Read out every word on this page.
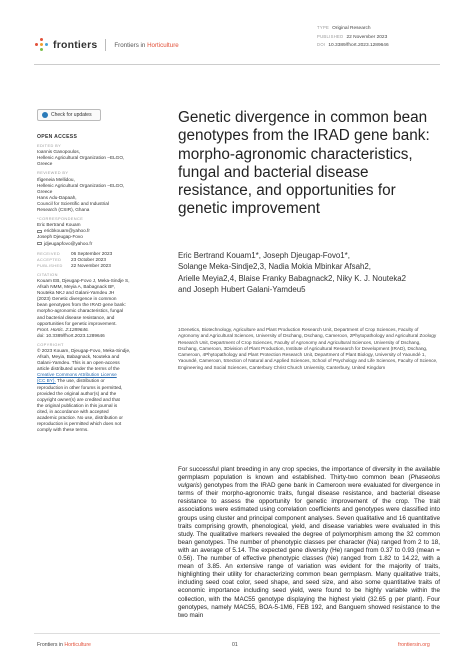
frontiers	Frontiers in Horticulture
TYPE Original Research
PUBLISHED 22 November 2023
DOI 10.3389/fhort.2023.1289646
Check for updates
OPEN ACCESS
EDITED BY
Ioannis Ganopoulos,
Hellenic Agricultural Organization –ELGO,
Greece
REVIEWED BY
Ifigeneia Mellidou,
Hellenic Agricultural Organization –ELGO,
Greece
Hans Adu-Dapaah,
Council for Scientific and Industrial
Research (CSIR), Ghana
*CORRESPONDENCE
Eric Bertrand Kouam
ericbkouam@yahoo.fr
Joseph Djeugap-Fovo
jdjeugapfovo@yahoo.fr
RECEIVED	06 September 2023
ACCEPTED	23 October 2023
PUBLISHED	22 November 2023
CITATION
Kouam EB, Djeugap-Fovo J, Meka-Sindje S,
Afsah NMM, Meyia A, Babagnack BF,
Nouteka NKJ and Galani-Yamdeu JH
(2023) Genetic divergence in common
bean genotypes from the IRAD gene bank:
morpho-agronomic characteristics, fungal
and bacterial disease resistance, and
opportunities for genetic improvement.
Front. Hortic. 2:1289646.
doi: 10.3389/fhort.2023.1289646
COPYRIGHT
© 2023 Kouam, Djeugap-Fovo, Meka-Sindje,
Afsah, Meyia, Babagnack, Nouteka and
Galani-Yamdeu. This is an open-access
article distributed under the terms of the
Creative Commons Attribution License
(CC BY). The use, distribution or
reproduction in other forums is permitted,
provided the original author(s) and the
copyright owner(s) are credited and that
the original publication in this journal is
cited, in accordance with accepted
academic practice. No use, distribution or
reproduction is permitted which does not
comply with these terms.
Genetic divergence in common bean genotypes from the IRAD gene bank: morpho-agronomic characteristics, fungal and bacterial disease resistance, and opportunities for genetic improvement
Eric Bertrand Kouam1*, Joseph Djeugap-Fovo1*,
Solange Meka-Sindje2,3, Nadia Mokia Mbinkar Afsah2,
Arielle Meyia2,4, Blaise Franky Babagnack2, Niky K. J. Nouteka2
and Joseph Hubert Galani-Yamdeu5
1Genetics, Biotechnology, Agriculture and Plant Production Research Unit, Department of Crop Sciences, Faculty of Agronomy and Agricultural Sciences, University of Dschang, Dschang, Cameroon, 2Phytopathology and Agricultural Zoology Research Unit, Department of Crop Sciences, Faculty of Agronomy and Agricultural Sciences, University of Dschang, Dschang, Cameroon, 3Division of Plant Production, Institute of Agricultural Research for Development (IRAD), Dschang, Cameroon, 4Phytopathology and Plant Protection Research Unit, Department of Plant Biology, University of Yaoundé 1, Yaoundé, Cameroon, 5Section of Natural and Applied Sciences, School of Psychology and Life Sciences, Faculty of Science, Engineering and Social Sciences, Canterbury Christ Church University, Canterbury, United Kingdom
For successful plant breeding in any crop species, the importance of diversity in the available germplasm population is known and established. Thirty-two common bean (Phaseolus vulgaris) genotypes from the IRAD gene bank in Cameroon were evaluated for divergence in terms of their morpho-agronomic traits, fungal disease resistance, and bacterial disease resistance to assess the opportunity for genetic improvement of the crop. The trait associations were estimated using correlation coefficients and genotypes were classified into groups using cluster and principal component analyses. Seven qualitative and 16 quantitative traits comprising growth, phenological, yield, and disease variables were evaluated in this study. The qualitative markers revealed the degree of polymorphism among the 32 common bean genotypes. The number of phenotypic classes per character (Na) ranged from 2 to 18, with an average of 5.14. The expected gene diversity (He) ranged from 0.37 to 0.93 (mean = 0.56). The number of effective phenotypic classes (Ne) ranged from 1.82 to 14.22, with a mean of 3.85. An extensive range of variation was evident for the majority of traits, highlighting their utility for characterizing common bean germplasm. Many qualitative traits, including seed coat color, seed shape, and seed size, and also some quantitative traits of economic importance including seed yield, were found to be highly variable within the collection, with the MAC55 genotype displaying the highest yield (32.65 g per plant). Four genotypes, namely MAC55, BOA-5-1M6, FEB 192, and Banguem showed resistance to the two main
Frontiers in Horticulture	01	frontiersin.org
